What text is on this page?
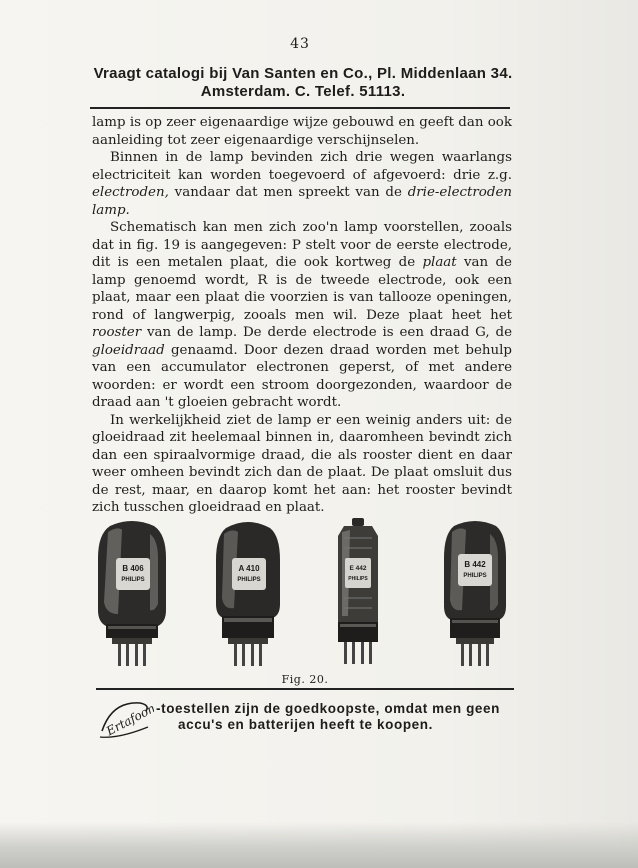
43
Vraagt catalogi bij Van Santen en Co., Pl. Middenlaan 34.
Amsterdam. C. Telef. 51113.

lamp is op zeer eigenaardige wijze gebouwd en geeft dan ook aanleiding tot zeer eigenaardige verschijnselen.

Binnen in de lamp bevinden zich drie wegen waarlangs electriciteit kan worden toegevoerd of afgevoerd: drie z.g. electroden, vandaar dat men spreekt van de drie-electroden lamp.

Schematisch kan men zich zoo'n lamp voorstellen, zooals dat in fig. 19 is aangegeven: P stelt voor de eerste electrode, dit is een metalen plaat, die ook kortweg de plaat van de lamp genoemd wordt, R is de tweede electrode, ook een plaat, maar een plaat die voorzien is van tallooze openingen, rond of langwerpig, zooals men wil. Deze plaat heet het rooster van de lamp. De derde electrode is een draad G, de gloeidraad genaamd. Door dezen draad worden met behulp van een accumulator electronen geperst, of met andere woorden: er wordt een stroom doorgezonden, waardoor de draad aan 't gloeien gebracht wordt.

In werkelijkheid ziet de lamp er een weinig anders uit: de gloeidraad zit heelemaal binnen in, daaromheen bevindt zich dan een spiraalvormige draad, die als rooster dient en daar weer omheen bevindt zich dan de plaat. De plaat omsluit dus de rest, maar, en daarop komt het aan: het rooster bevindt zich tusschen gloeidraad en plaat.

B 406
PHILIPS
A 410
PHILIPS
E 442
PHILIPS
B 442
PHILIPS
Fig. 20.
Ertafoon
-toestellen zijn de goedkoopste, omdat men geen
accu's en batterijen heeft te koopen.
